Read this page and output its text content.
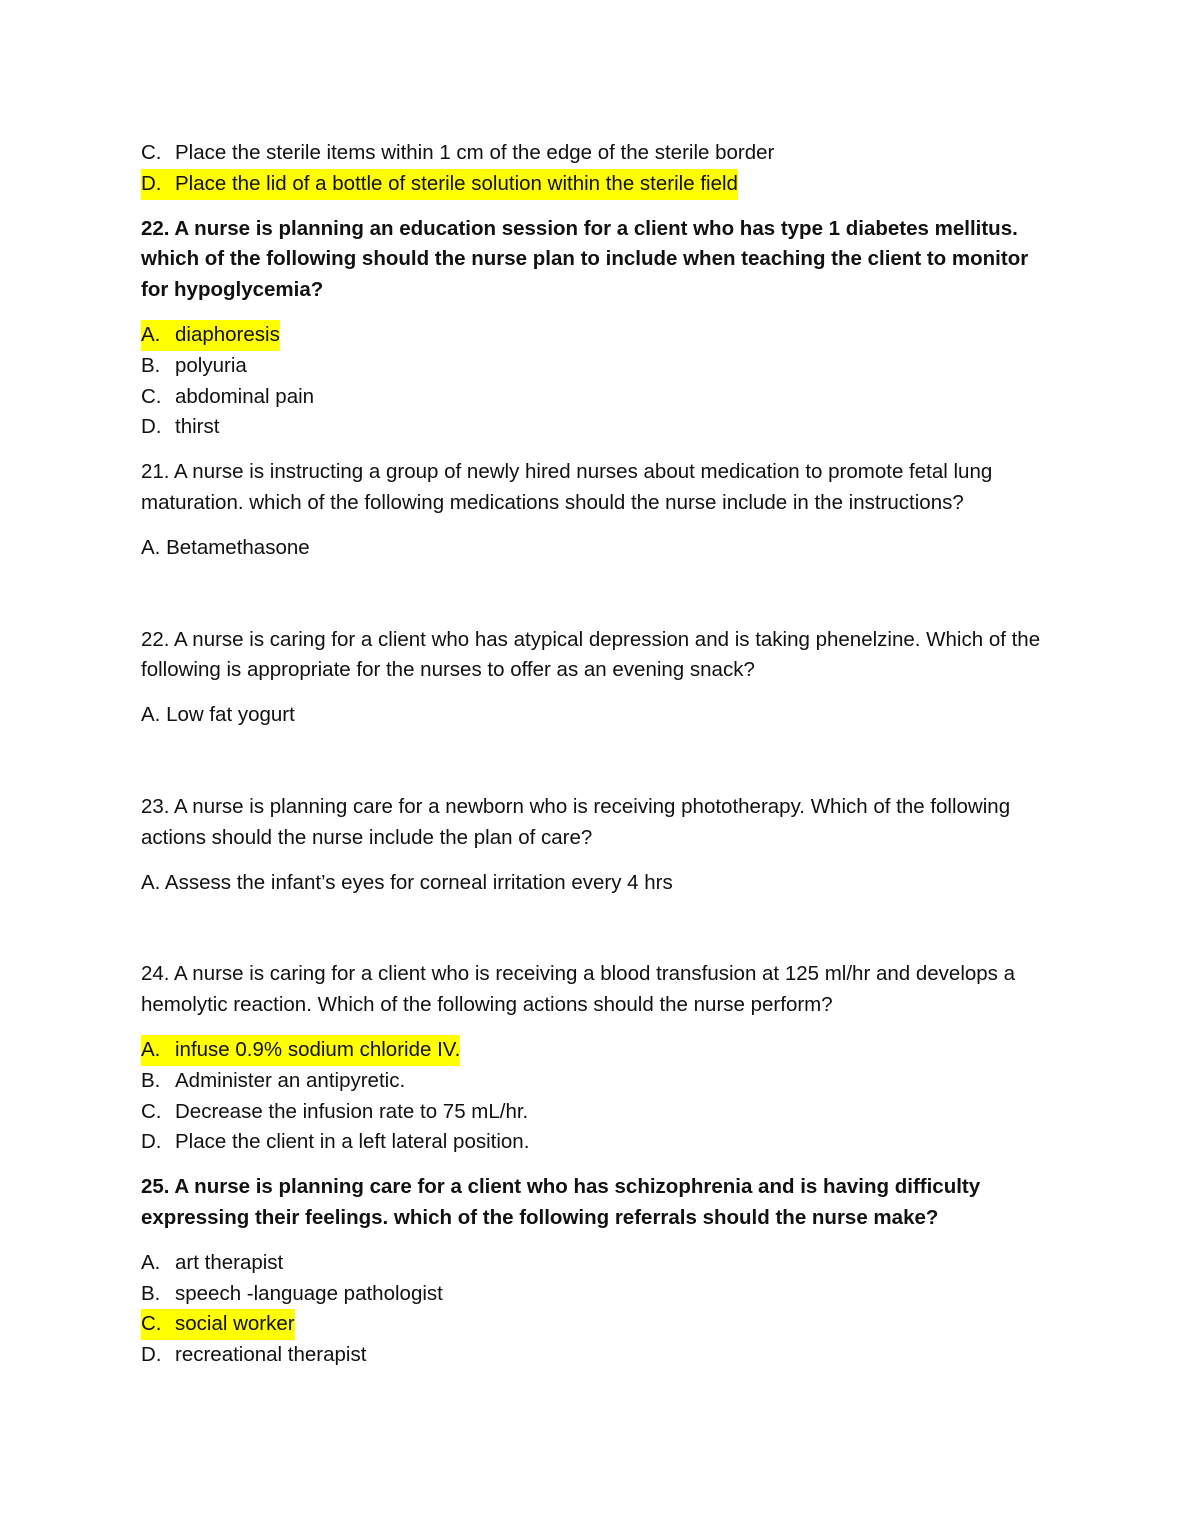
C. Place the sterile items within 1 cm of the edge of the sterile border
D. Place the lid of a bottle of sterile solution within the sterile field

22. A nurse is planning an education session for a client who has type 1 diabetes mellitus. which of the following should the nurse plan to include when teaching the client to monitor for hypoglycemia?

A. diaphoresis
B. polyuria
C. abdominal pain
D. thirst

21. A nurse is instructing a group of newly hired nurses about medication to promote fetal lung maturation. which of the following medications should the nurse include in the instructions?

A. Betamethasone

22. A nurse is caring for a client who has atypical depression and is taking phenelzine. Which of the following is appropriate for the nurses to offer as an evening snack?

A. Low fat yogurt

23. A nurse is planning care for a newborn who is receiving phototherapy. Which of the following actions should the nurse include the plan of care?

A. Assess the infant’s eyes for corneal irritation every 4 hrs

24. A nurse is caring for a client who is receiving a blood transfusion at 125 ml/hr and develops a hemolytic reaction. Which of the following actions should the nurse perform?

A. infuse 0.9% sodium chloride IV.
B. Administer an antipyretic.
C. Decrease the infusion rate to 75 mL/hr.
D. Place the client in a left lateral position.

25. A nurse is planning care for a client who has schizophrenia and is having difficulty expressing their feelings. which of the following referrals should the nurse make?

A. art therapist
B. speech -language pathologist
C. social worker
D. recreational therapist
